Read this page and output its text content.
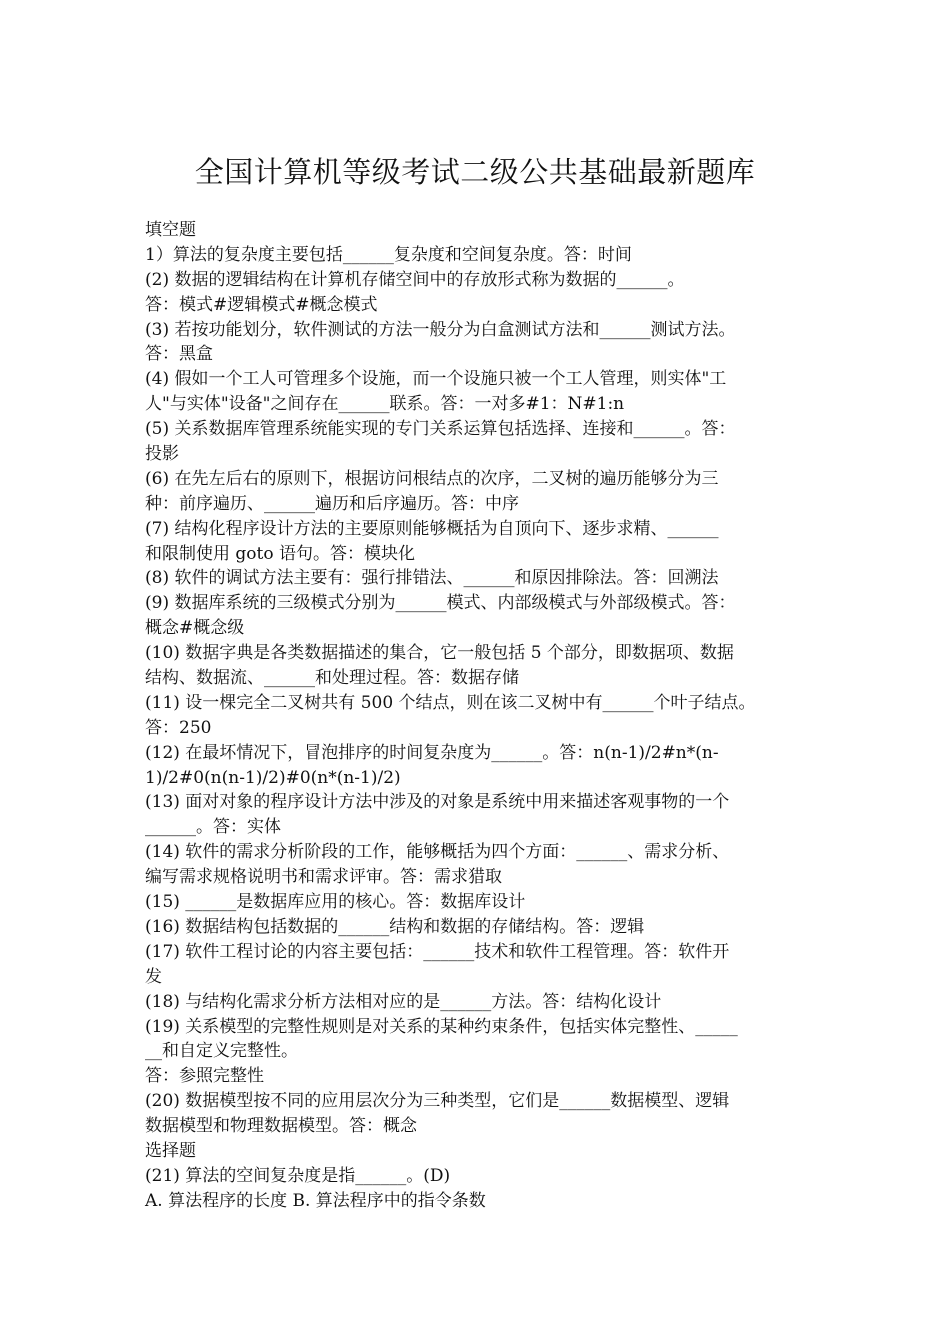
全国计算机等级考试二级公共基础最新题库
填空题
1）算法的复杂度主要包括______复杂度和空间复杂度。答：时间
(2) 数据的逻辑结构在计算机存储空间中的存放形式称为数据的______。
答：模式#逻辑模式#概念模式
(3) 若按功能划分，软件测试的方法一般分为白盒测试方法和______测试方法。
答：黑盒
(4) 假如一个工人可管理多个设施，而一个设施只被一个工人管理，则实体"工
人"与实体"设备"之间存在______联系。答：一对多#1：N#1:n
(5) 关系数据库管理系统能实现的专门关系运算包括选择、连接和______。答：
投影
(6) 在先左后右的原则下，根据访问根结点的次序，二叉树的遍历能够分为三
种：前序遍历、______遍历和后序遍历。答：中序
(7) 结构化程序设计方法的主要原则能够概括为自顶向下、逐步求精、______
和限制使用 goto 语句。答：模块化
(8) 软件的调试方法主要有：强行排错法、______和原因排除法。答：回溯法
(9) 数据库系统的三级模式分别为______模式、内部级模式与外部级模式。答：
概念#概念级
(10) 数据字典是各类数据描述的集合，它一般包括 5 个部分，即数据项、数据
结构、数据流、______和处理过程。答：数据存储
(11) 设一棵完全二叉树共有 500 个结点，则在该二叉树中有______个叶子结点。
答：250
(12) 在最坏情况下，冒泡排序的时间复杂度为______。答：n(n-1)/2#n*(n-
1)/2#0(n(n-1)/2)#0(n*(n-1)/2)
(13) 面对对象的程序设计方法中涉及的对象是系统中用来描述客观事物的一个
______。答：实体
(14) 软件的需求分析阶段的工作，能够概括为四个方面：______、需求分析、
编写需求规格说明书和需求评审。答：需求猎取
(15) ______是数据库应用的核心。答：数据库设计
(16) 数据结构包括数据的______结构和数据的存储结构。答：逻辑
(17) 软件工程讨论的内容主要包括：______技术和软件工程管理。答：软件开
发
(18) 与结构化需求分析方法相对应的是______方法。答：结构化设计
(19) 关系模型的完整性规则是对关系的某种约束条件，包括实体完整性、_____
__和自定义完整性。
答：参照完整性
(20) 数据模型按不同的应用层次分为三种类型，它们是______数据模型、逻辑
数据模型和物理数据模型。答：概念
选择题
(21) 算法的空间复杂度是指______。(D)
A. 算法程序的长度 B. 算法程序中的指令条数
